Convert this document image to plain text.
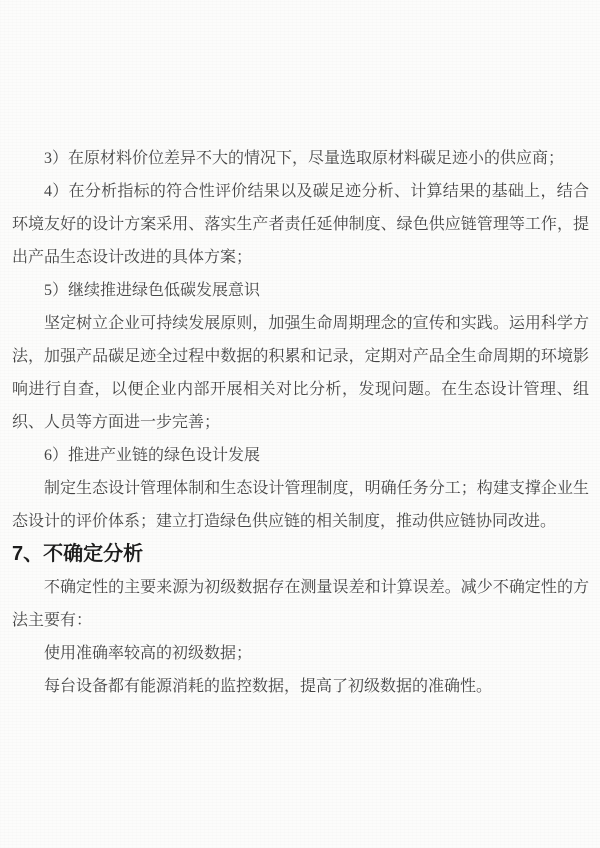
3）在原材料价位差异不大的情况下，尽量选取原材料碳足迹小的供应商；

4）在分析指标的符合性评价结果以及碳足迹分析、计算结果的基础上，结合环境友好的设计方案采用、落实生产者责任延伸制度、绿色供应链管理等工作，提出产品生态设计改进的具体方案；

5）继续推进绿色低碳发展意识

坚定树立企业可持续发展原则，加强生命周期理念的宣传和实践。运用科学方法，加强产品碳足迹全过程中数据的积累和记录，定期对产品全生命周期的环境影响进行自查，以便企业内部开展相关对比分析，发现问题。在生态设计管理、组织、人员等方面进一步完善；

6）推进产业链的绿色设计发展

制定生态设计管理体制和生态设计管理制度，明确任务分工；构建支撑企业生态设计的评价体系；建立打造绿色供应链的相关制度，推动供应链协同改进。

7、不确定分析

不确定性的主要来源为初级数据存在测量误差和计算误差。减少不确定性的方法主要有：

使用准确率较高的初级数据；

每台设备都有能源消耗的监控数据，提高了初级数据的准确性。
